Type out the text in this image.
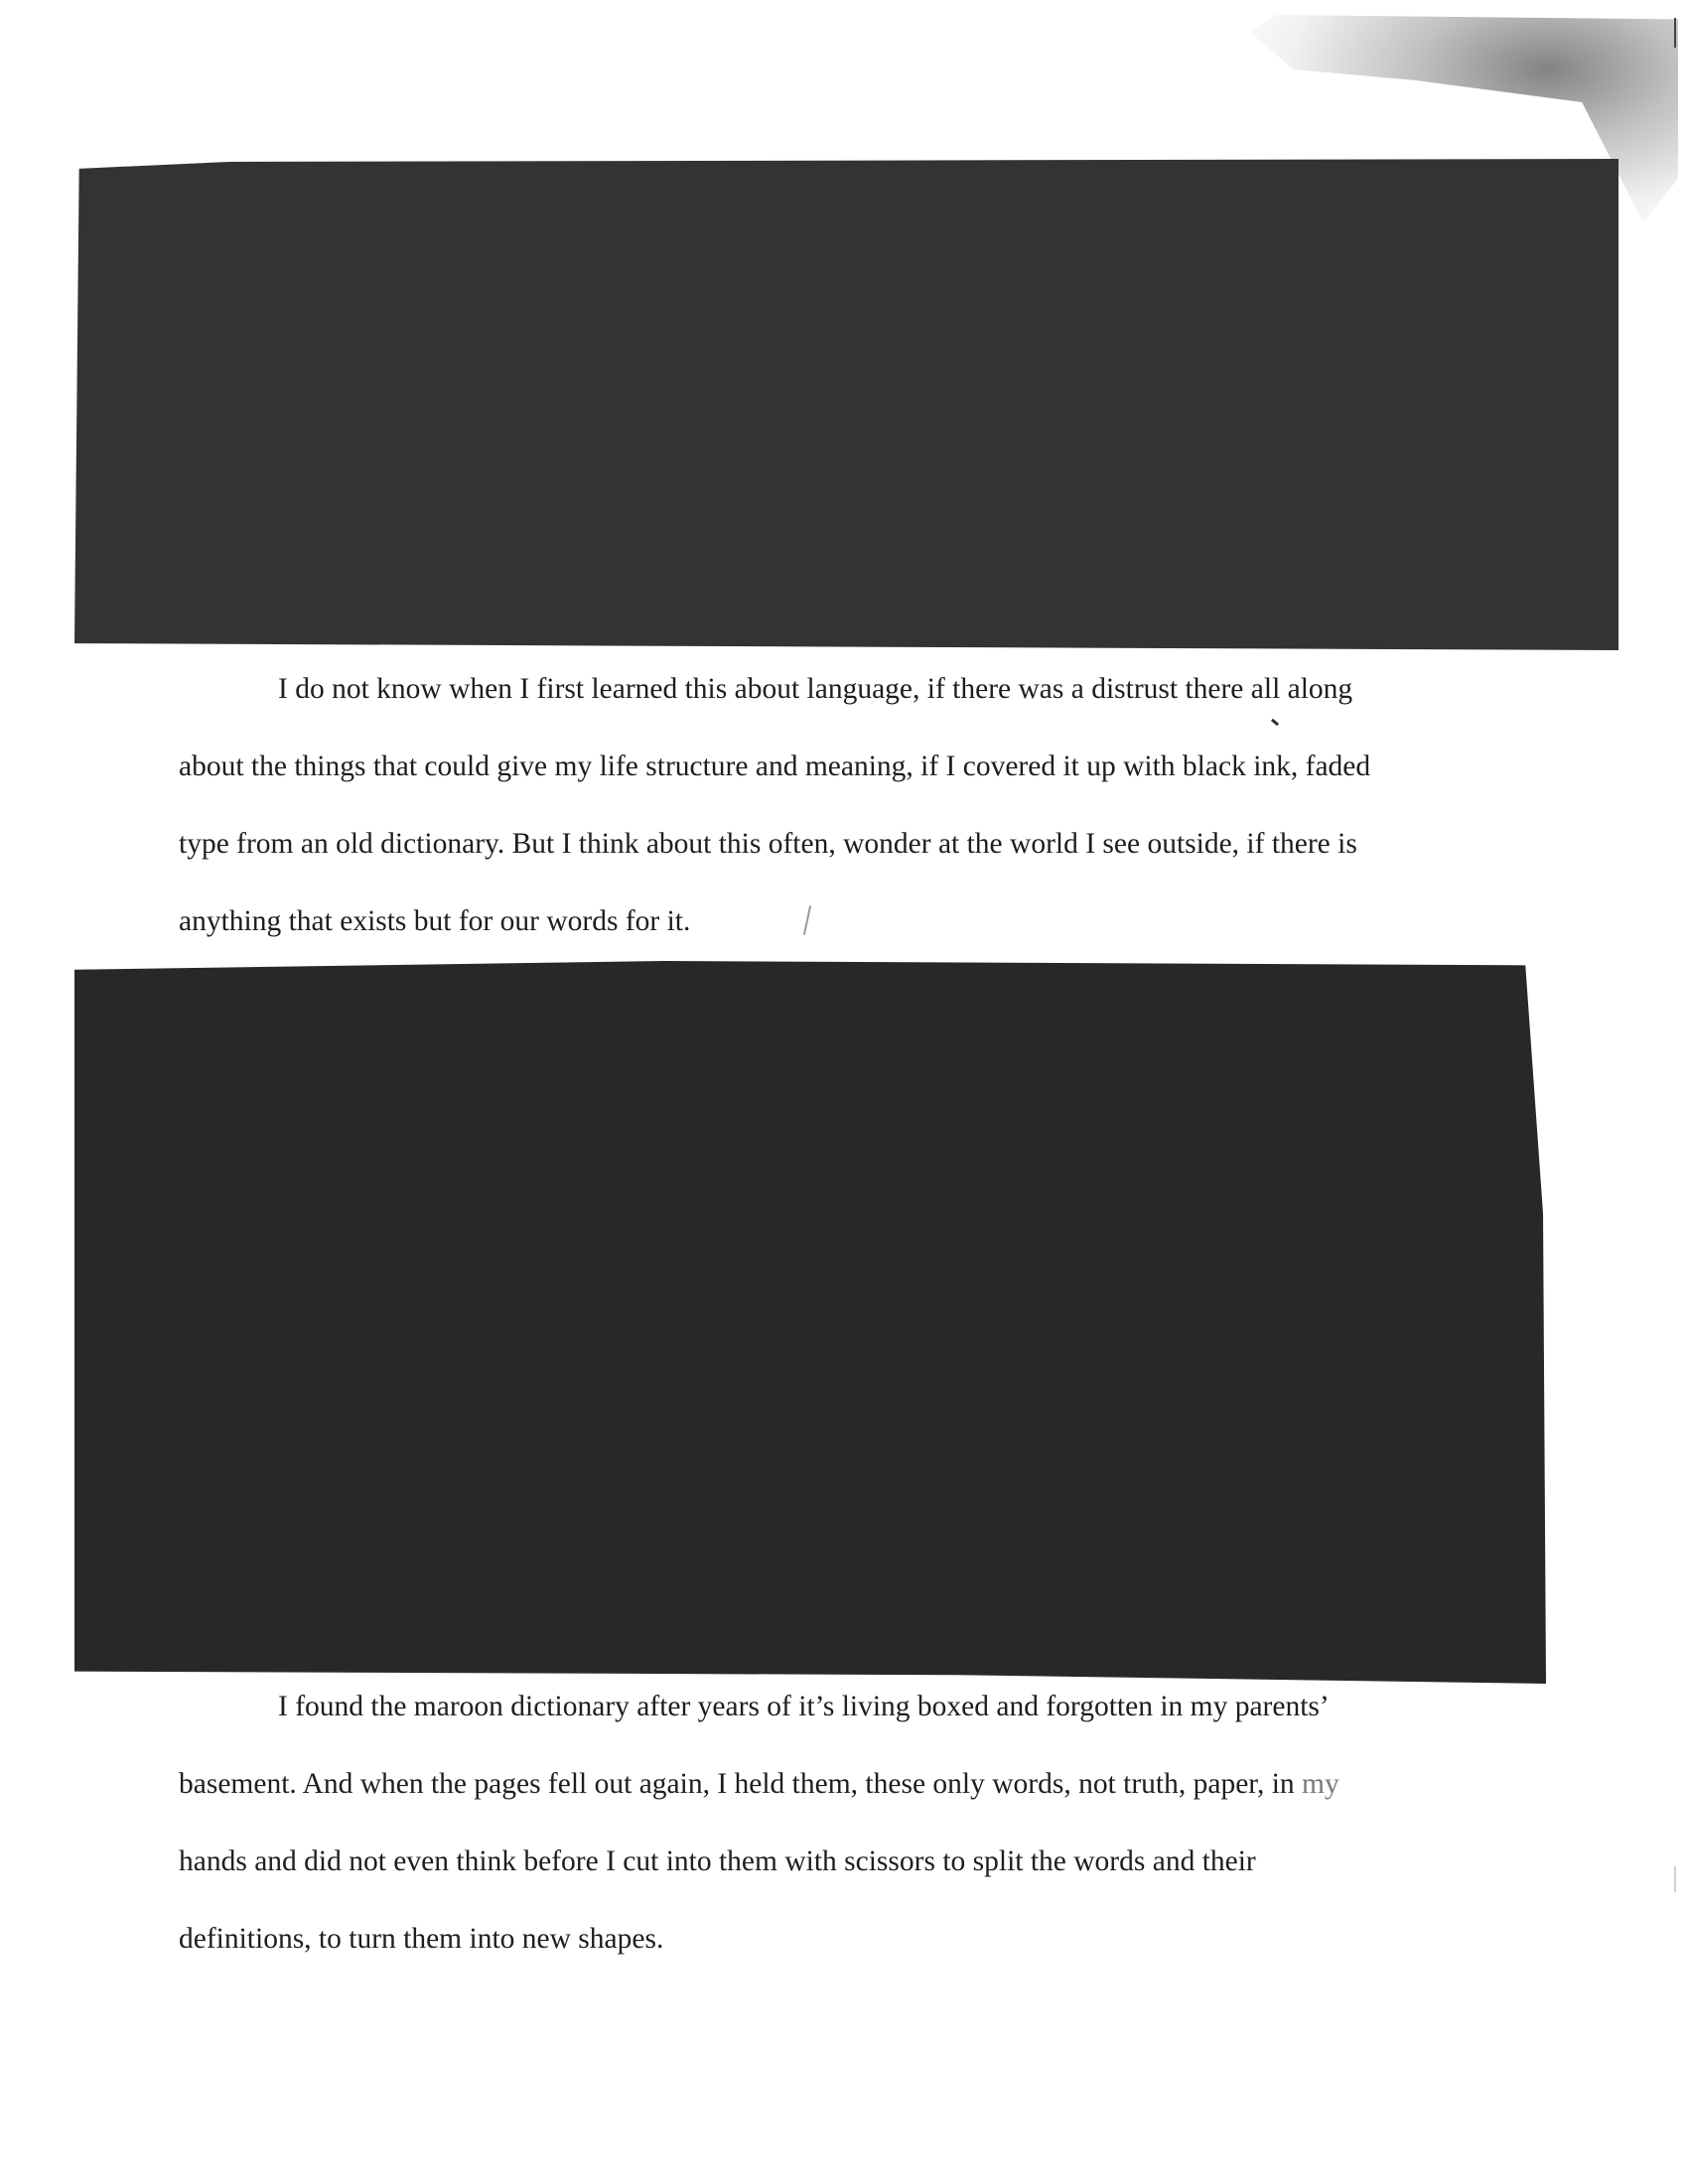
I do not know when I first learned this about language, if there was a distrust there all along
about the things that could give my life structure and meaning, if I covered it up with black ink, faded
type from an old dictionary. But I think about this often, wonder at the world I see outside, if there is
anything that exists but for our words for it.
I found the maroon dictionary after years of it’s living boxed and forgotten in my parents’
basement. And when the pages fell out again, I held them, these only words, not truth, paper, in my
hands and did not even think before I cut into them with scissors to split the words and their
definitions, to turn them into new shapes.
